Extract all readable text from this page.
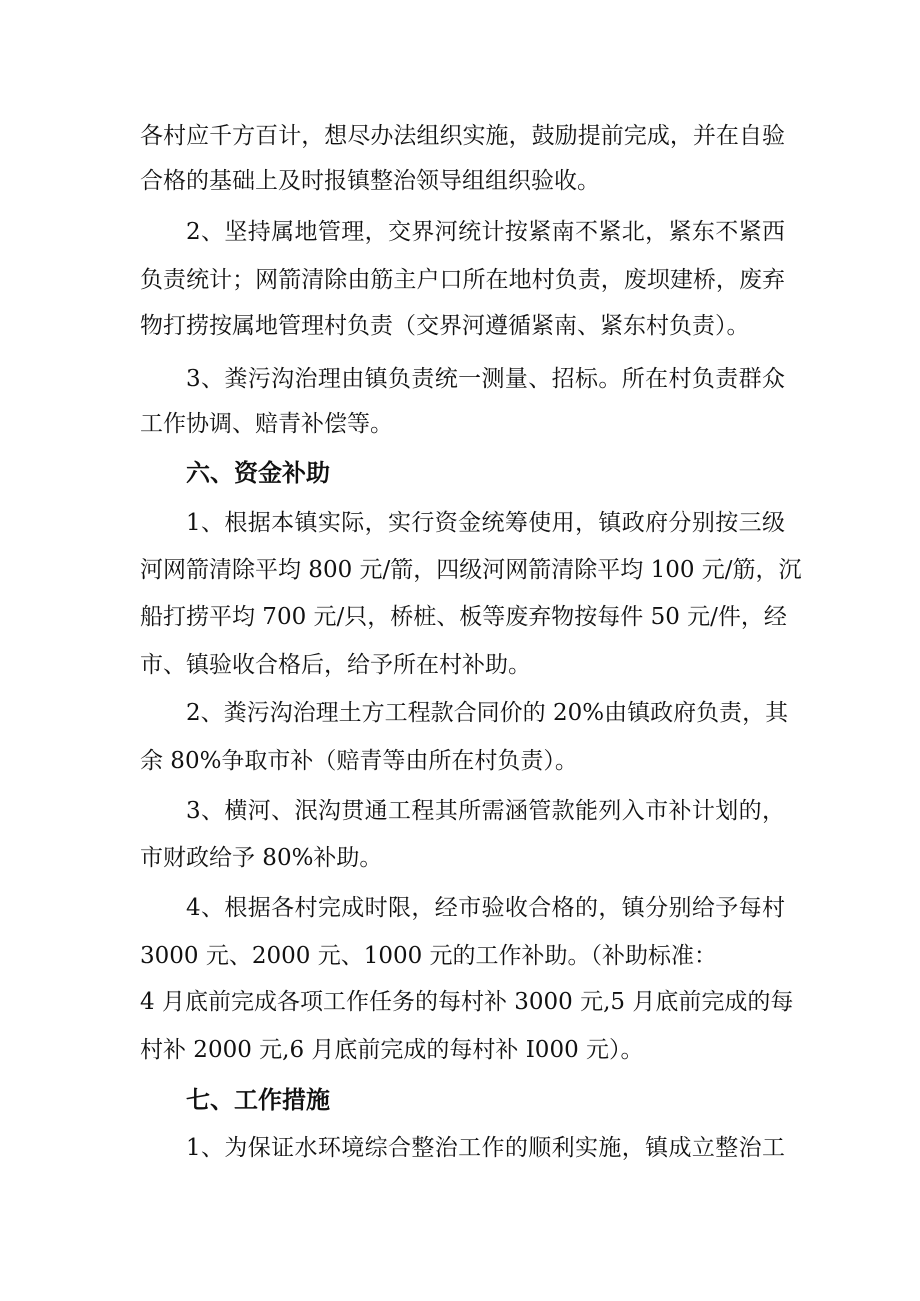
各村应千方百计，想尽办法组织实施，鼓励提前完成，并在自验
合格的基础上及时报镇整治领导组组织验收。
2、坚持属地管理，交界河统计按紧南不紧北，紧东不紧西
负责统计；网箭清除由筋主户口所在地村负责，废坝建桥，废弃
物打捞按属地管理村负责（交界河遵循紧南、紧东村负责）。
3、粪污沟治理由镇负责统一测量、招标。所在村负责群众
工作协调、赔青补偿等。
六、资金补助
1、根据本镇实际，实行资金统筹使用，镇政府分别按三级
河网箭清除平均 800 元/箭，四级河网箭清除平均 100 元/筋，沉
船打捞平均 700 元/只，桥桩、板等废弃物按每件 50 元/件，经
市、镇验收合格后，给予所在村补助。
2、粪污沟治理土方工程款合同价的 20%由镇政府负责，其
余 80%争取市补（赔青等由所在村负责）。
3、横河、泯沟贯通工程其所需涵管款能列入市补计划的，
市财政给予 80%补助。
4、根据各村完成时限，经市验收合格的，镇分别给予每村
3000 元、2000 元、1000 元的工作补助。（补助标准：
4 月底前完成各项工作任务的每村补 3000 元,5 月底前完成的每
村补 2000 元,6 月底前完成的每村补 I000 元）。
七、工作措施
1、为保证水环境综合整治工作的顺利实施，镇成立整治工
